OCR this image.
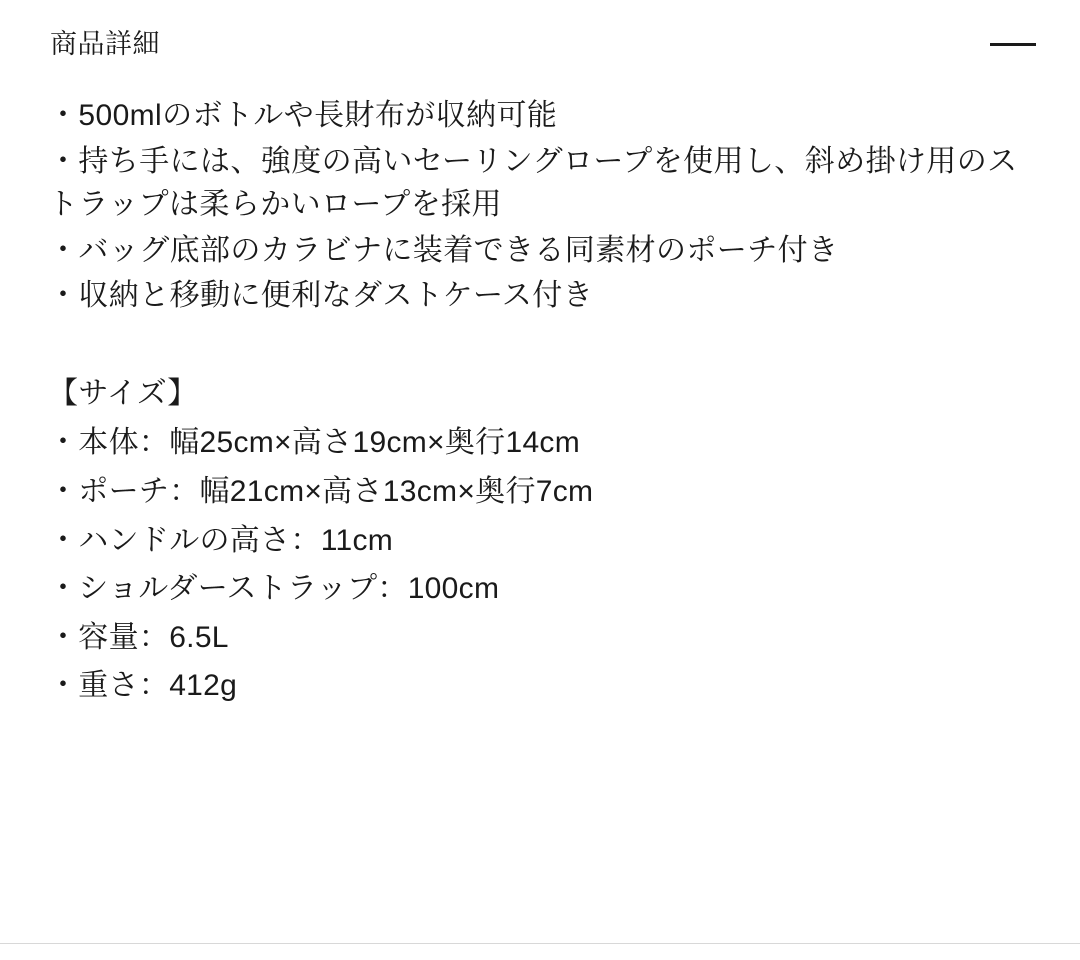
商品詳細
・500mlのボトルや長財布が収納可能
・持ち手には、強度の高いセーリングロープを使用し、斜め掛け用のストラップは柔らかいロープを採用
・バッグ底部のカラビナに装着できる同素材のポーチ付き
・収納と移動に便利なダストケース付き
【サイズ】
・本体：幅25cm×高さ19cm×奥行14cm
・ポーチ：幅21cm×高さ13cm×奥行7cm
・ハンドルの高さ：11cm
・ショルダーストラップ：100cm
・容量：6.5L
・重さ：412g
